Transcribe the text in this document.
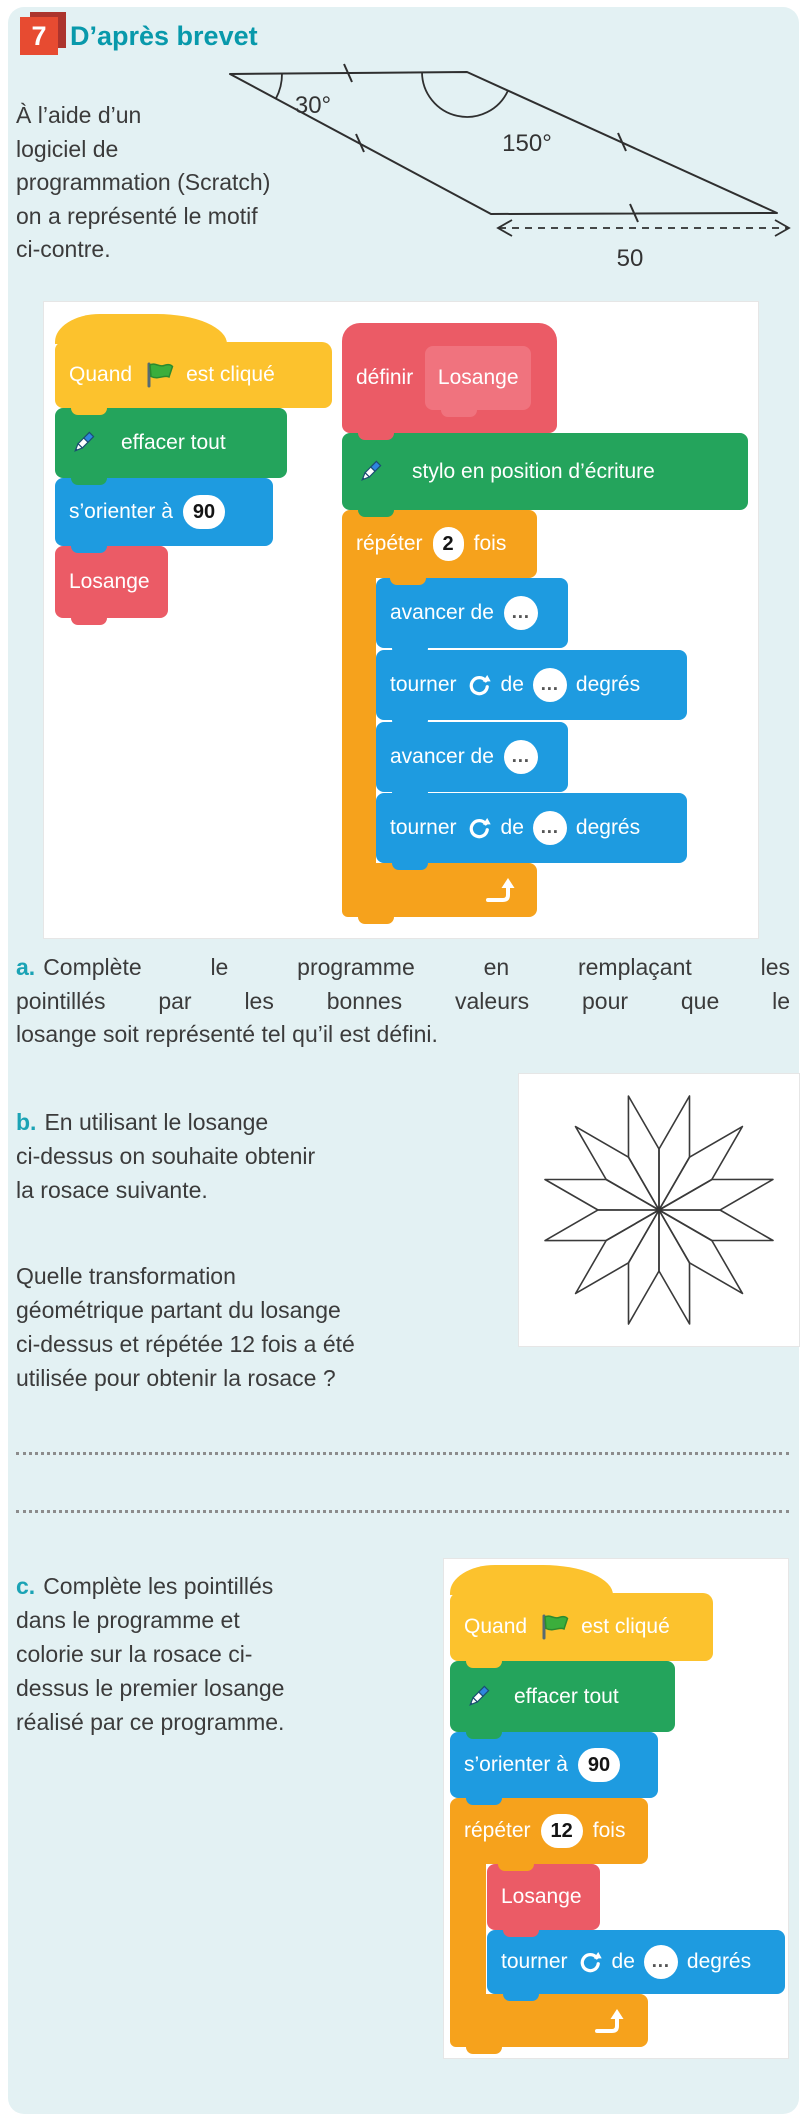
7 D’après brevet
À l’aide d’un
logiciel de
programmation (Scratch)
on a représenté le motif
ci-contre.
30°
150°
50
Quand	est cliqué
effacer tout
s’orienter à	90
Losange
définir Losange
stylo en position d’écriture
répéter	2 fois
avancer de …
tourner de … degrés
avancer de …
tourner de … degrés
a. Complète le programme en remplaçant les
pointillés par les bonnes valeurs pour que le
losange soit représenté tel qu’il est défini.
b. En utilisant le losange
ci-dessus on souhaite obtenir
la rosace suivante.
Quelle transformation
géométrique partant du losange
ci-dessus et répétée 12 fois a été
utilisée pour obtenir la rosace ?
c. Complète les pointillés
dans le programme et
colorie sur la rosace ci-
dessus le premier losange
réalisé par ce programme.
Quand	est cliqué
effacer tout
s’orienter à	90
répéter	12 fois
Losange
tourner de … degrés
